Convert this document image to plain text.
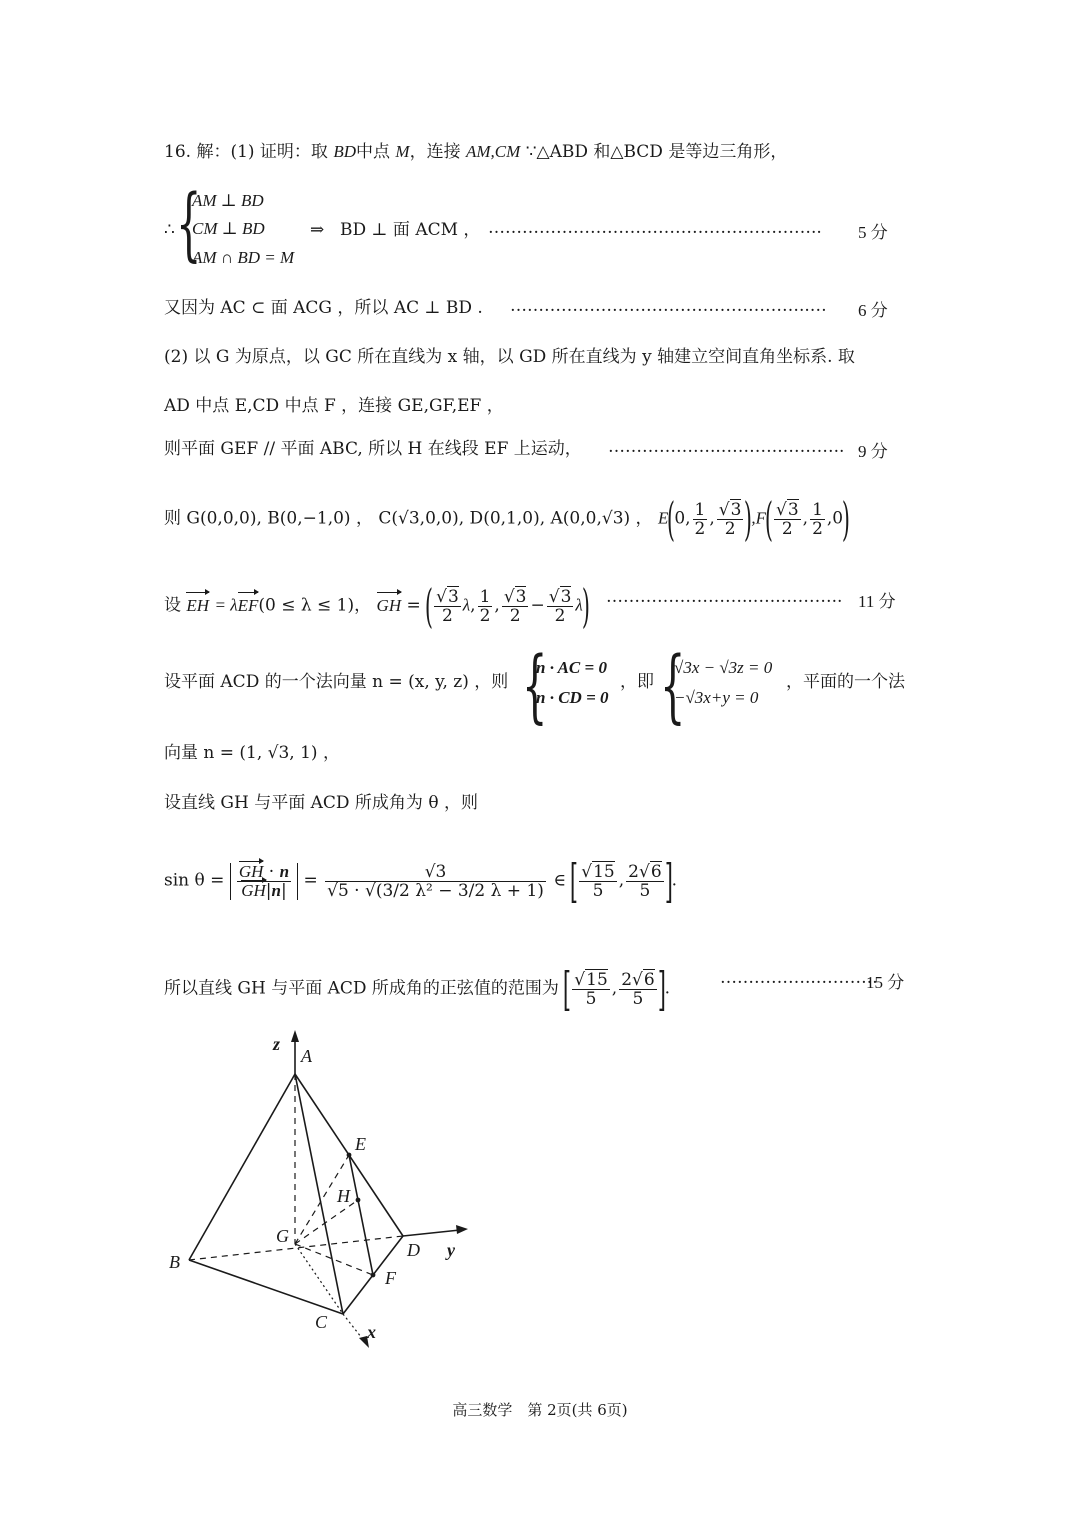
16. 解：(1) 证明：取 BD中点 M，连接 AM,CM ∵△ABD 和△BCD 是等边三角形，
∴ {
AM ⊥ BD
CM ⊥ BD
AM ∩ BD = M
⇒ BD ⊥ 面 ACM ， ………………………………………………….. 5 分
又因为 AC ⊂ 面 ACG ，所以 AC ⊥ BD . ……………………………………………..… 6 分
(2) 以 G 为原点，以 GC 所在直线为 x 轴，以 GD 所在直线为 y 轴建立空间直角坐标系. 取
AD 中点 E,CD 中点 F ，连接 GE,GF,EF ，
则平面 GEF // 平面 ABC, 所以 H 在线段 EF 上运动， ………………..………..……….. 9 分
则 G(0,0,0), B(0,−1,0) ， C(√3,0,0), D(0,1,0), A(0,0,√3) ， E(0, $\frac{1}{2}$ , $\frac{√3}{2} ),F( \frac{√3}{2}$ , $\frac{1}{2} ,0$)
设 EH = λEF(0 ≤ λ ≤ 1)， GH = ( $\frac{√3}{2} \lambda$, $\frac{1}{2}$ , $\frac{√3}{2} - \frac{√3}{2} \lambda$) ……………………..…..……….. 11 分
设平面 ACD 的一个法向量 n = (x, y, z) ，则 {
n · AC = 0
n · CD = 0
，即 {
√3x − √3z = 0
−√3x+y = 0
，平面的一个法
向量 n = (1, √3, 1) ，
设直线 GH 与平面 ACD 所成角为 θ ，则
$\sin \theta = \frac{GH \cdot n}{GH|n|} = \frac{√3}{\text{√5 · √(3/2 λ² − 3/2 λ + 1)}}$ ∈ [ $\frac{√15}{5}$ , $\frac{2√6}{5}$ ].
所以直线 GH 与平面 ACD 所成角的正弦值的范围为 [ $\frac{√15}{5}$ , $\frac{2√6}{5}$ ].
……………..………..
15 分
z
A
E
H
G
D y
B
F
C x
高三数学　第 2页(共 6页)
